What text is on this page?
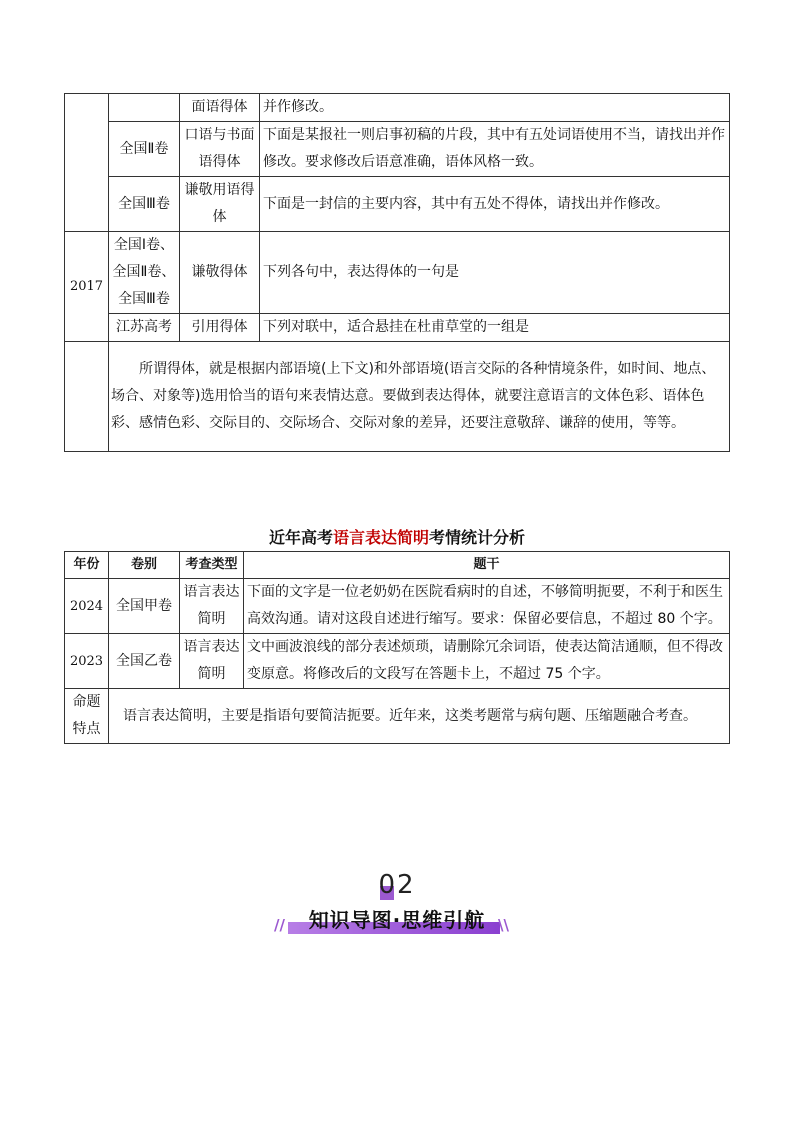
		面语得体	并作修改。
	全国Ⅱ卷	口语与书面语得体	下面是某报社一则启事初稿的片段，其中有五处词语使用不当，请找出并作修改。要求修改后语意准确，语体风格一致。
	全国Ⅲ卷	谦敬用语得体	下面是一封信的主要内容，其中有五处不得体，请找出并作修改。
2017	全国Ⅰ卷、全国Ⅱ卷、全国Ⅲ卷	谦敬得体	下列各句中，表达得体的一句是
	江苏高考	引用得体	下列对联中，适合悬挂在杜甫草堂的一组是
	所谓得体，就是根据内部语境(上下文)和外部语境(语言交际的各种情境条件，如时间、地点、场合、对象等)选用恰当的语句来表情达意。要做到表达得体，就要注意语言的文体色彩、语体色彩、感情色彩、交际目的、交际场合、交际对象的差异，还要注意敬辞、谦辞的使用，等等。		
近年高考语言表达简明考情统计分析
年份	卷别	考查类型	题干
2024	全国甲卷	语言表达简明	下面的文字是一位老奶奶在医院看病时的自述，不够简明扼要，不利于和医生高效沟通。请对这段自述进行缩写。要求：保留必要信息，不超过 80 个字。
2023	全国乙卷	语言表达简明	文中画波浪线的部分表述烦琐，请删除冗余词语，使表达简洁通顺，但不得改变原意。将修改后的文段写在答题卡上，不超过 75 个字。
命题特点	语言表达简明，主要是指语句要简洁扼要。近年来，这类考题常与病句题、压缩题融合考查。		
02
// 知识导图·思维引航 \\
